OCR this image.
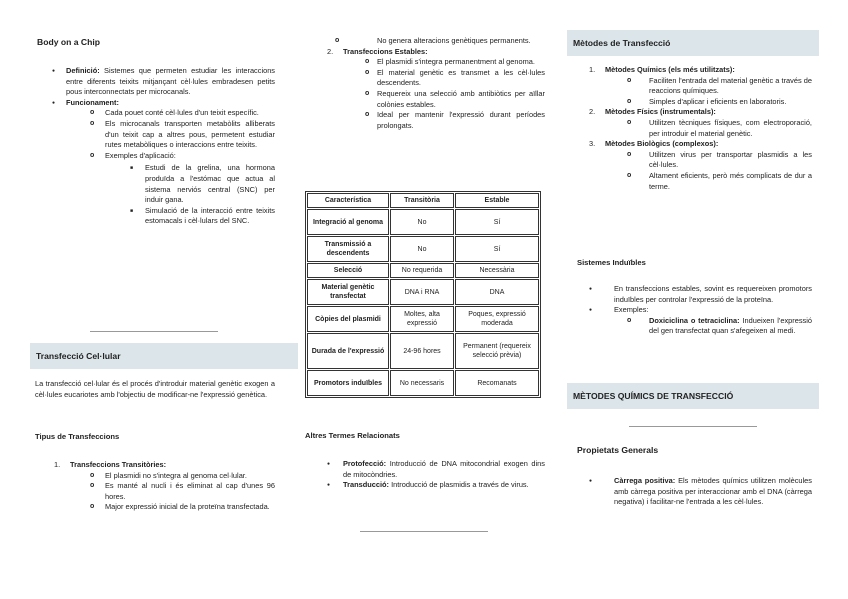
Body on a Chip
● Definició: Sistemes que permeten estudiar les interaccions entre diferents teixits mitjançant cèl·lules embradesen petits pous interconnectats per microcanals.
● Funcionament:
o Cada pouet conté cèl·lules d'un teixit específic.
o Els microcanals transporten metabòlits alliberats d'un teixit cap a altres pous, permetent estudiar rutes metabòliques o interaccions entre teixits.
o Exemples d'aplicació:
■ Estudi de la grelina, una hormona produïda a l'estómac que actua al sistema nerviós central (SNC) per induir gana.
■ Simulació de la interacció entre teixits estomacals i cèl·lulars del SNC.
Transfecció Cel·lular

La transfecció cel·lular és el procés d'introduir material genètic exogen a cèl·lules eucariotes amb l'objectiu de modificar-ne l'expressió genètica.

Tipus de Transfeccions
1. Transfeccions Transitòries:
o El plasmidi no s'integra al genoma cel·lular.
o Es manté al nucli i és eliminat al cap d'unes 96 hores.
o Major expressió inicial de la proteïna transfectada.
o No genera alteracions genètiques permanents.
2. Transfeccions Estables:
o El plasmidi s'integra permanentment al genoma.
o El material genètic es transmet a les cèl·lules descendents.
o Requereix una selecció amb antibiòtics per aïllar colònies estables.
o Ideal per mantenir l'expressió durant períodes prolongats.
Característica	Transitòria	Estable
Integració al genoma	No	Sí
Transmissió a descendents	No	Sí
Selecció	No requerida	Necessària
Material genètic transfectat	DNA i RNA	DNA
Còpies del plasmidi	Moltes, alta expressió	Poques, expressió moderada
Durada de l'expressió	24-96 hores	Permanent (requereix selecció prèvia)
Promotors induïbles	No necessaris	Recomanats
Altres Termes Relacionats
● Protofecció: Introducció de DNA mitocondrial exogen dins de mitocòndries.
● Transducció: Introducció de plasmidis a través de virus.
Mètodes de Transfecció
1. Mètodes Químics (els més utilitzats):
o Faciliten l'entrada del material genètic a través de reaccions químiques.
o Simples d'aplicar i eficients en laboratoris.
2. Mètodes Físics (instrumentals):
o Utilitzen tècniques físiques, com electroporació, per introduir el material genètic.
3. Mètodes Biològics (complexos):
o Utilitzen virus per transportar plasmidis a les cèl·lules.
o Altament eficients, però més complicats de dur a terme.
Sistemes Induïbles
● En transfeccions estables, sovint es requereixen promotors induïbles per controlar l'expressió de la proteïna.
● Exemples:
o Doxiciclina o tetraciclina: Indueixen l'expressió del gen transfectat quan s'afegeixen al medi.
MÈTODES QUÍMICS DE TRANSFECCIÓ
Propietats Generals
● Càrrega positiva: Els mètodes químics utilitzen molècules amb càrrega positiva per interaccionar amb el DNA (càrrega negativa) i facilitar-ne l'entrada a les cèl·lules.
